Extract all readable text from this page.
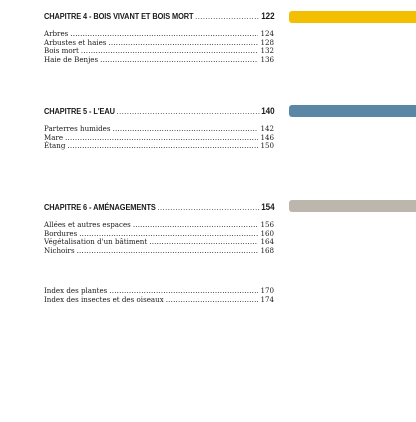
CHAPITRE 4 - BOIS VIVANT ET BOIS MORT .....	122
Arbres .....	124
Arbustes et haies .....	128
Bois mort .....	132
Haie de Benjes .....	136
CHAPITRE 5 - L'EAU .....	140
Parterres humides .....	142
Mare .....	146
Étang .....	150
CHAPITRE 6 - AMÉNAGEMENTS .....	154
Allées et autres espaces .....	156
Bordures .....	160
Végétalisation d'un bâtiment .....	164
Nichoirs .....	168
Index des plantes .....	170
Index des insectes et des oiseaux .....	174
